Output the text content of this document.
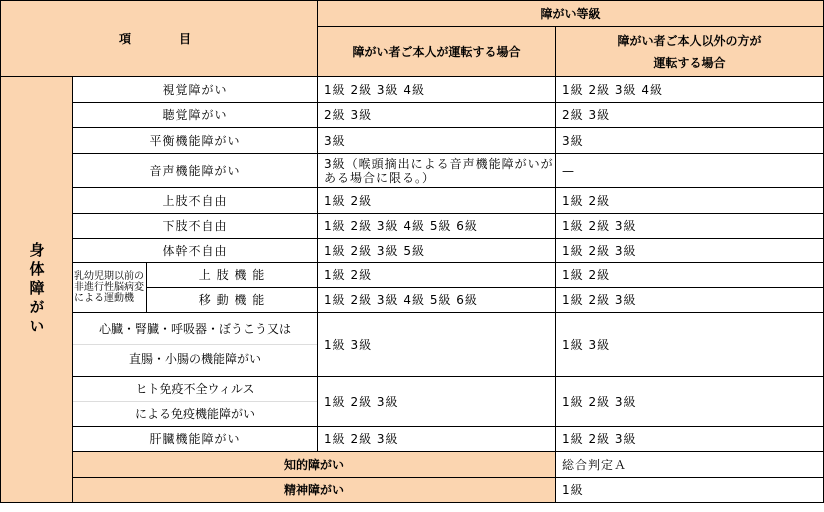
項　　目			障がい等級		
			障がい者ご本人が運転する場合	障がい者ご本人以外の方が
運転する場合	

身体障がい	視覚障がい		1級 2級 3級 4級	1級 2級 3級 4級	
	聴覚障がい		2級 3級	2級 3級	
	平衡機能障がい		3級	3級	
	音声機能障がい		3級（喉頭摘出による音声機能障がいがある場合に限る。）	—	
	上肢不自由		1級 2級	1級 2級	
	下肢不自由		1級 2級 3級 4級 5級 6級	1級 2級 3級	
	体幹不自由		1級 2級 3級 5級	1級 2級 3級	
	乳幼児期以前の非進行性脳病変による運動機	上 肢 機 能	1級 2級	1級 2級	
		移 動 機 能	1級 2級 3級 4級 5級 6級	1級 2級 3級	

	心臓・腎臓・呼吸器・ぼうこう又は
直腸・小腸の機能障がい		1級 3級	1級 3級	

	ヒト免疫不全ウィルス
による免疫機能障がい		1級 2級 3級	1級 2級 3級	
	肝臓機能障がい		1級 2級 3級	1級 2級 3級	
	知的障がい			総合判定Ａ	
	精神障がい			1級	
